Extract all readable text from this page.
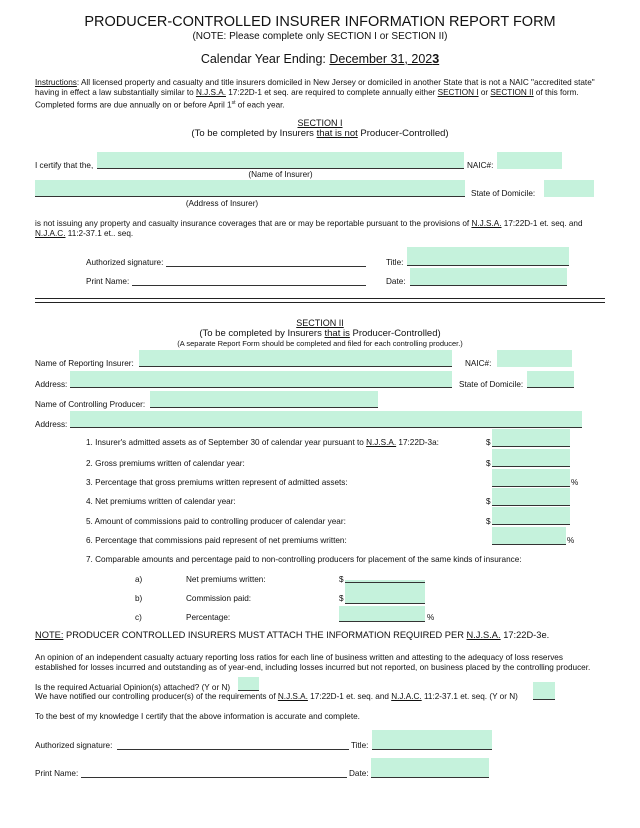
PRODUCER-CONTROLLED INSURER INFORMATION REPORT FORM
(NOTE: Please complete only SECTION I or SECTION II)
Calendar Year Ending: December 31, 2023
Instructions: All licensed property and casualty and title insurers domiciled in New Jersey or domiciled in another State that is not a NAIC "accredited state" having in effect a law substantially similar to N.J.S.A. 17:22D-1 et seq. are required to complete annually either SECTION I or SECTION II of this form. Completed forms are due annually on or before April 1st of each year.
SECTION I
(To be completed by Insurers that is not Producer-Controlled)
I certify that the,	NAIC#:
(Name of Insurer)
State of Domicile:
(Address of Insurer)
is not issuing any property and casualty insurance coverages that are or may be reportable pursuant to the provisions of N.J.S.A. 17:22D-1 et. seq. and N.J.A.C. 11:2-37.1 et.. seq.
Authorized signature:	Title:
Print Name:	Date:
SECTION II
(To be completed by Insurers that is Producer-Controlled)
(A separate Report Form should be completed and filed for each controlling producer.)
Name of Reporting Insurer:	NAIC#:
Address:	State of Domicile:
Name of Controlling Producer:
Address:
1. Insurer's admitted assets as of September 30 of calendar year pursuant to N.J.S.A. 17:22D-3a:	$
2. Gross premiums written of calendar year:	$
3. Percentage that gross premiums written represent of admitted assets:	%
4. Net premiums written of calendar year:	$
5. Amount of commissions paid to controlling producer of calendar year:	$
6. Percentage that commissions paid represent of net premiums written:	%
7. Comparable amounts and percentage paid to non-controlling producers for placement of the same kinds of insurance:
a)	Net premiums written:	$
b)	Commission paid:	$
c)	Percentage:	%
NOTE: PRODUCER CONTROLLED INSURERS MUST ATTACH THE INFORMATION REQUIRED PER N.J.S.A. 17:22D-3e.
An opinion of an independent casualty actuary reporting loss ratios for each line of business written and attesting to the adequacy of loss reserves established for losses incurred and outstanding as of year-end, including losses incurred but not reported, on business placed by the controlling producer.
Is the required Actuarial Opinion(s) attached? (Y or N)
We have notified our controlling producer(s) of the requirements of N.J.S.A. 17:22D-1 et. seq. and N.J.A.C. 11:2-37.1 et. seq. (Y or N)
To the best of my knowledge I certify that the above information is accurate and complete.
Authorized signature:	Title:
Print Name:	Date:
